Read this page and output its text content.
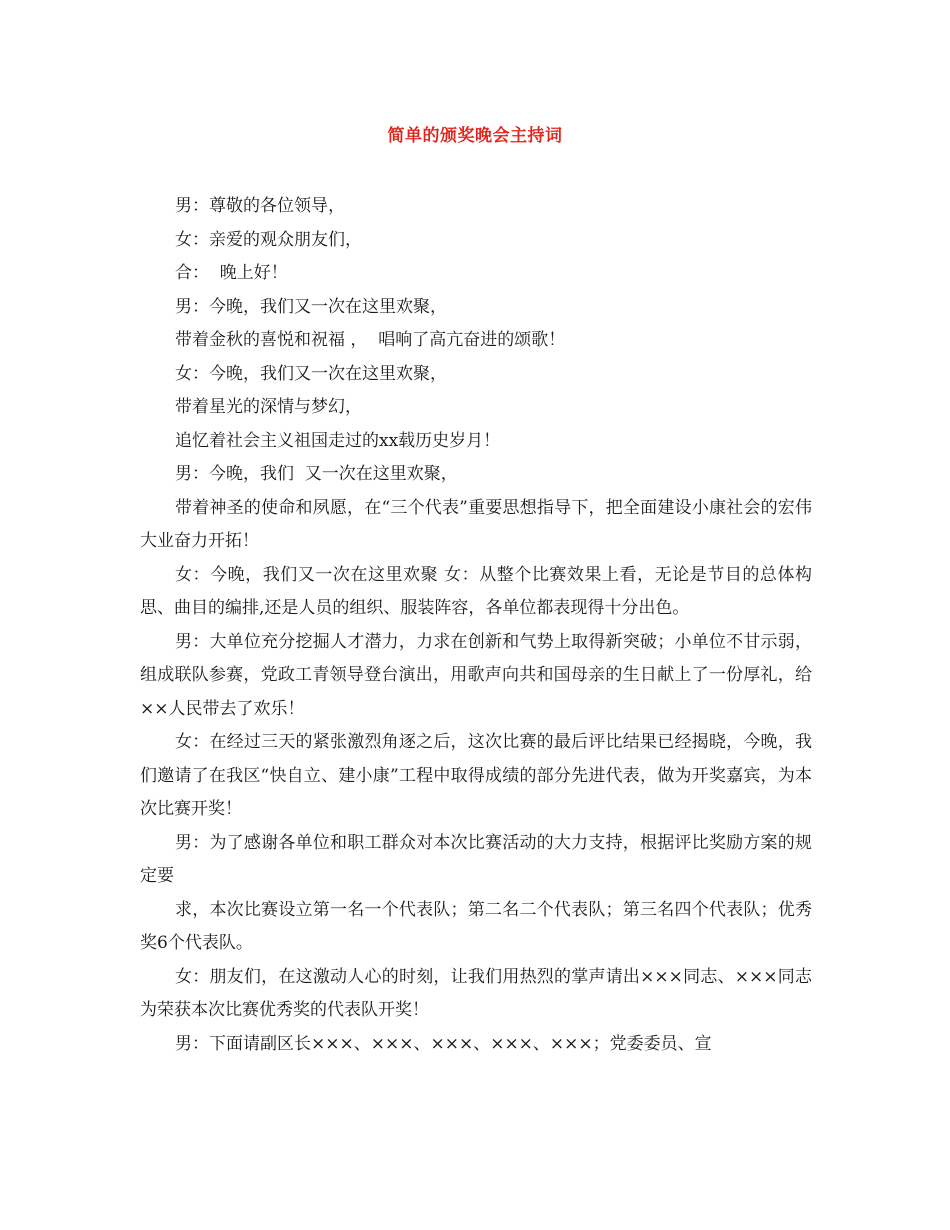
简单的颁奖晚会主持词

男：尊敬的各位领导，

女：亲爱的观众朋友们，

合：  晚上好！

男：今晚，我们又一次在这里欢聚，

带着金秋的喜悦和祝福 ，  唱响了高亢奋进的颂歌！

女：今晚，我们又一次在这里欢聚，

带着星光的深情与梦幻，

追忆着社会主义祖国走过的xx载历史岁月！

男：今晚，我们  又一次在这里欢聚，

带着神圣的使命和夙愿，在“三个代表”重要思想指导下，把全面建设小康社会的宏伟大业奋力开拓！

女：今晚，我们又一次在这里欢聚 女：从整个比赛效果上看，无论是节目的总体构思、曲目的编排,还是人员的组织、服装阵容，各单位都表现得十分出色。

男：大单位充分挖掘人才潜力，力求在创新和气势上取得新突破；小单位不甘示弱，组成联队参赛，党政工青领导登台演出，用歌声向共和国母亲的生日献上了一份厚礼，给××人民带去了欢乐！

女：在经过三天的紧张激烈角逐之后，这次比赛的最后评比结果已经揭晓，今晚，我们邀请了在我区“快自立、建小康”工程中取得成绩的部分先进代表，做为开奖嘉宾，为本次比赛开奖！

男：为了感谢各单位和职工群众对本次比赛活动的大力支持，根据评比奖励方案的规定要

求，本次比赛设立第一名一个代表队；第二名二个代表队；第三名四个代表队；优秀奖6个代表队。

女：朋友们，在这激动人心的时刻，让我们用热烈的掌声请出×××同志、×××同志为荣获本次比赛优秀奖的代表队开奖！

男：下面请副区长×××、×××、×××、×××、×××；党委委员、宣
